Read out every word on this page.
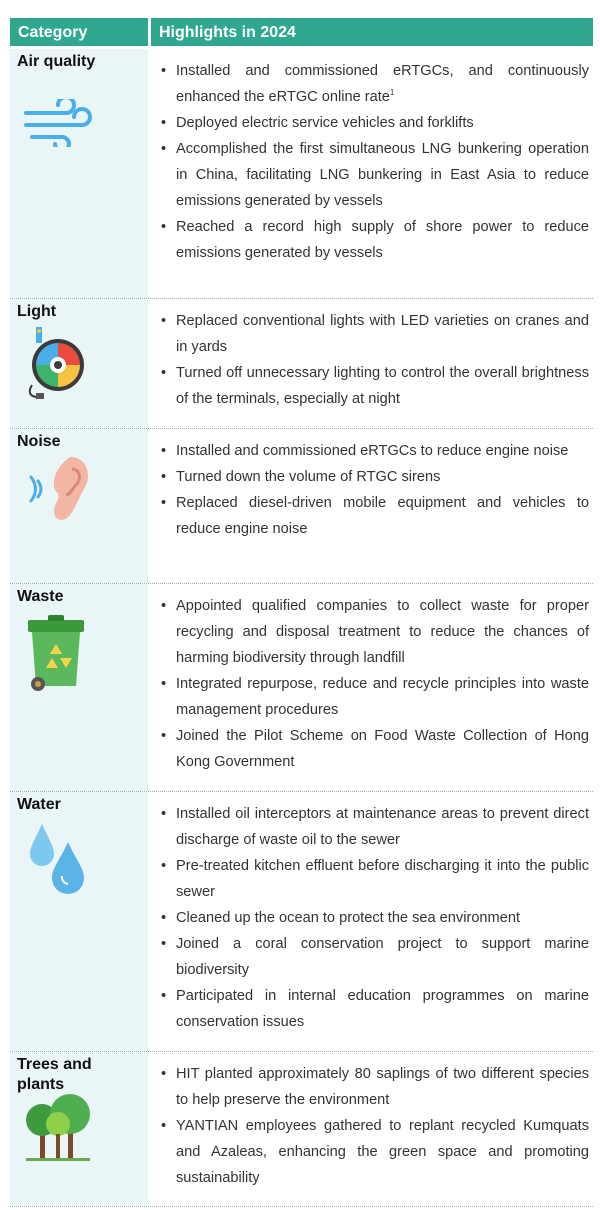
Category	Highlights in 2024
Air quality
• Installed and commissioned eRTGCs, and continuously enhanced the eRTGC online rate$^1$
• Deployed electric service vehicles and forklifts
• Accomplished the first simultaneous LNG bunkering operation in China, facilitating LNG bunkering in East Asia to reduce emissions generated by vessels
• Reached a record high supply of shore power to reduce emissions generated by vessels
Light
• Replaced conventional lights with LED varieties on cranes and in yards
• Turned off unnecessary lighting to control the overall brightness of the terminals, especially at night
Noise
• Installed and commissioned eRTGCs to reduce engine noise
• Turned down the volume of RTGC sirens
• Replaced diesel-driven mobile equipment and vehicles to reduce engine noise
Waste
• Appointed qualified companies to collect waste for proper recycling and disposal treatment to reduce the chances of harming biodiversity through landfill
• Integrated repurpose, reduce and recycle principles into waste management procedures
• Joined the Pilot Scheme on Food Waste Collection of Hong Kong Government
Water
• Installed oil interceptors at maintenance areas to prevent direct discharge of waste oil to the sewer
• Pre-treated kitchen effluent before discharging it into the public sewer
• Cleaned up the ocean to protect the sea environment
• Joined a coral conservation project to support marine biodiversity
• Participated in internal education programmes on marine conservation issues
Trees and plants
• HIT planted approximately 80 saplings of two different species to help preserve the environment
• YANTIAN employees gathered to replant recycled Kumquats and Azaleas, enhancing the green space and promoting sustainability
